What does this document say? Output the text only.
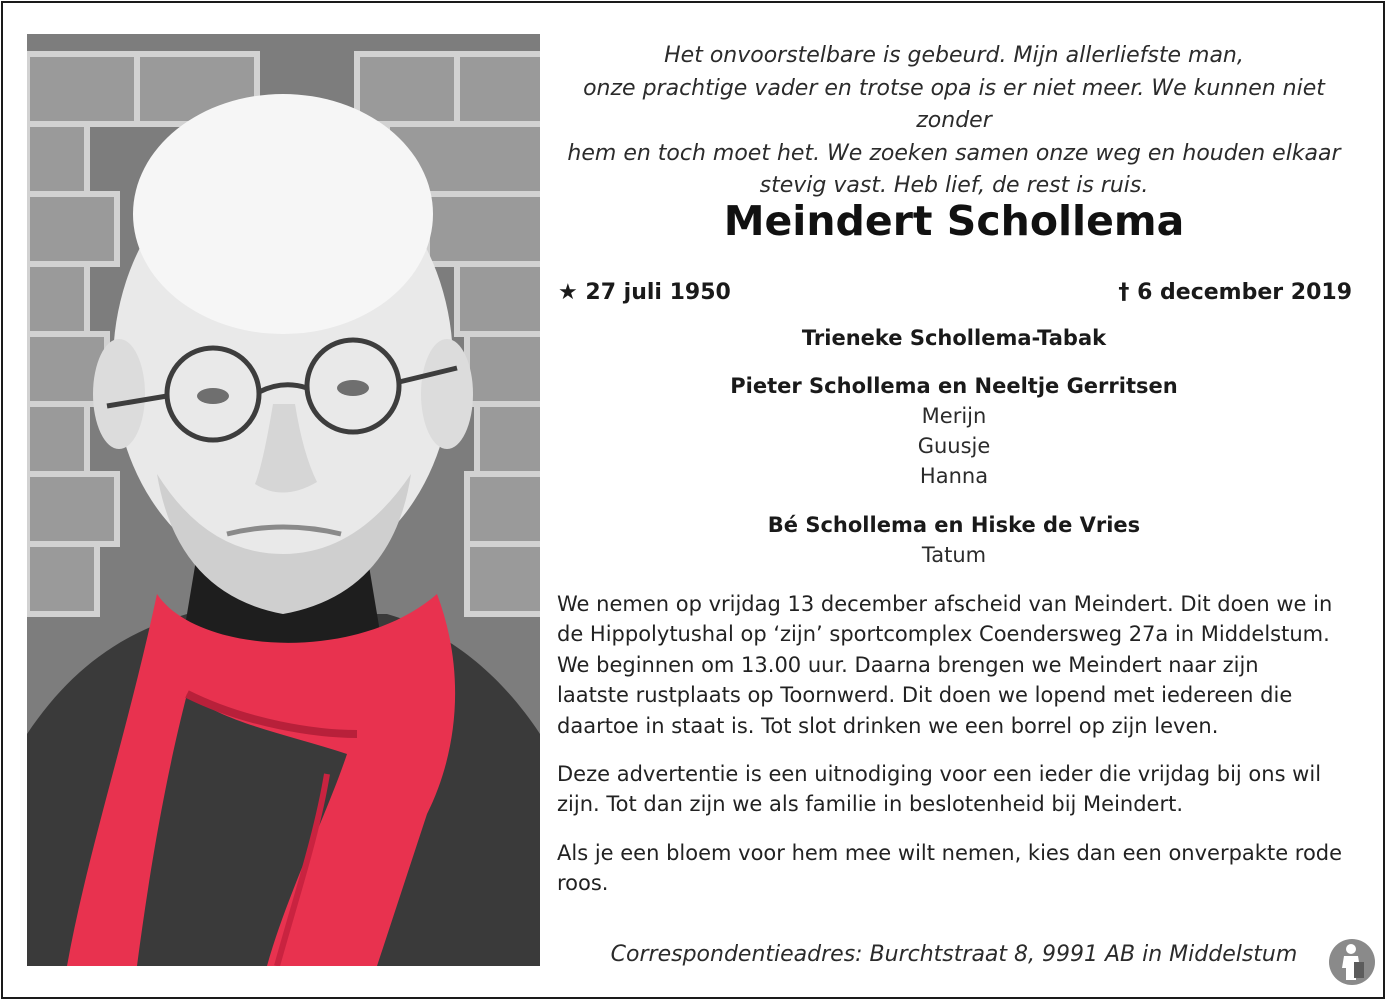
Het onvoorstelbare is gebeurd. Mijn allerliefste man,
onze prachtige vader en trotse opa is er niet meer. We kunnen niet zonder
hem en toch moet het. We zoeken samen onze weg en houden elkaar
stevig vast. Heb lief, de rest is ruis.

Meindert Schollema
★ 27 juli 1950	† 6 december 2019
Trieneke Schollema-Tabak
Pieter Schollema en Neeltje Gerritsen
Merijn
Guusje
Hanna
Bé Schollema en Hiske de Vries
Tatum

We nemen op vrijdag 13 december afscheid van Meindert. Dit doen we in
de Hippolytushal op ‘zijn’ sportcomplex Coendersweg 27a in Middelstum.
We beginnen om 13.00 uur. Daarna brengen we Meindert naar zijn
laatste rustplaats op Toornwerd. Dit doen we lopend met iedereen die
daartoe in staat is. Tot slot drinken we een borrel op zijn leven.

Deze advertentie is een uitnodiging voor een ieder die vrijdag bij ons wil
zijn. Tot dan zijn we als familie in beslotenheid bij Meindert.

Als je een bloem voor hem mee wilt nemen, kies dan een onverpakte rode
roos.

Correspondentieadres: Burchtstraat 8, 9991 AB in Middelstum
